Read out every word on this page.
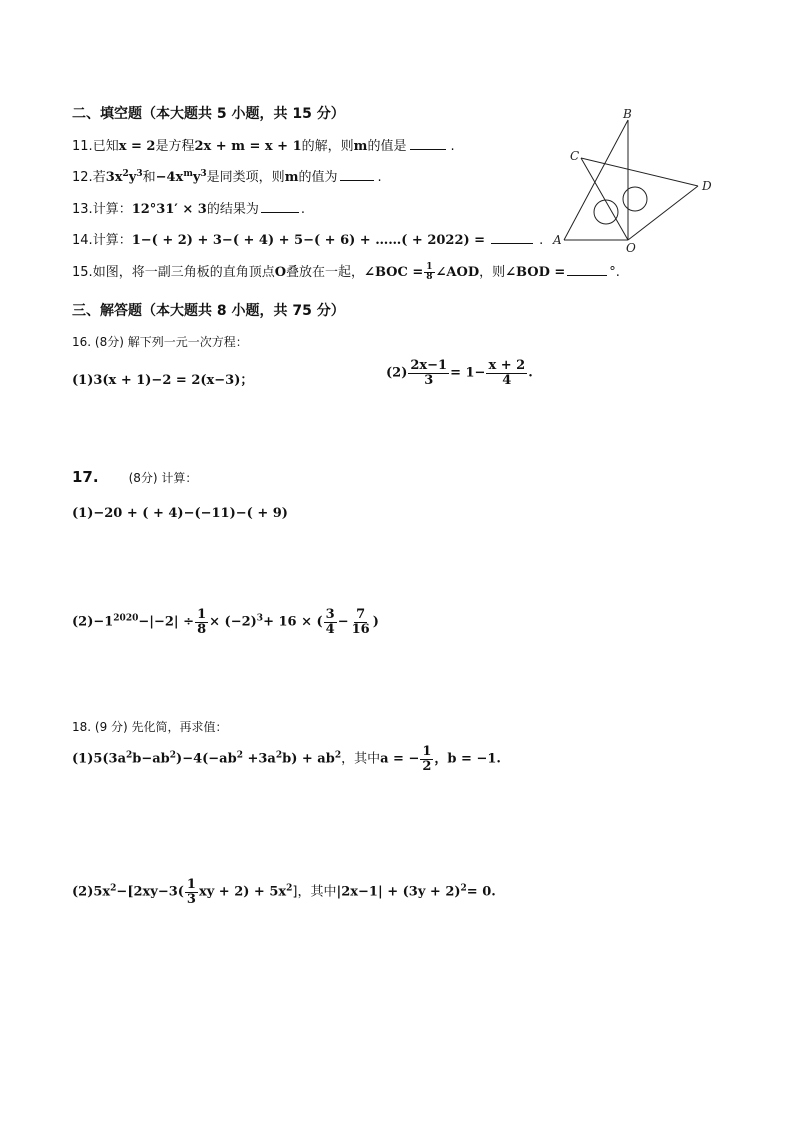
二、填空题（本大题共 5 小题，共 15 分）
11.已知x = 2是方程2x + m = x + 1的解，则m的值是	.
12.若$3x^2y^3$和$-4x^my^3$是同类项，则m的值为	.
13.计算：12°31′ × 3的结果为	.
14.计算：1−( + 2) + 3−( + 4) + 5−( + 6) + ……( + 2022) =	.
15.如图，将一副三角板的直角顶点O叠放在一起，∠BOC = $\frac{1}{8}$ ∠AOD，则∠BOD =	°.
B
C
D
A
O
三、解答题（本大题共 8 小题，共 75 分）
16. (8分) 解下列一元一次方程：
(1)3(x + 1)−2 = 2(x−3)；	$(2) \frac{2x-1}{3} = 1- \frac{x + 2}{4}$ .
17.	(8分) 计算：
(1)−20 + ( + 4)−(−11)−( + 9)
$(2)-1^{2020}-|-2| \div \frac{1}{8} \times (-2)^3+ 16$ × ( $\frac{3}{4} - \frac{7}{16}$ )
18. (9 分) 先化简，再求值：
$(1)5(3a^2b-ab^2)-4(-ab^2 +3a^2b) + ab^2$，其中a = − $\frac{1}{2}$ ，b = −1.
$(2)5x^2-[2xy-3( \frac{1}{3}$ xy + $2) + 5x^2$]，其中$|2x-1| + (3y + 2)^2= 0$.
